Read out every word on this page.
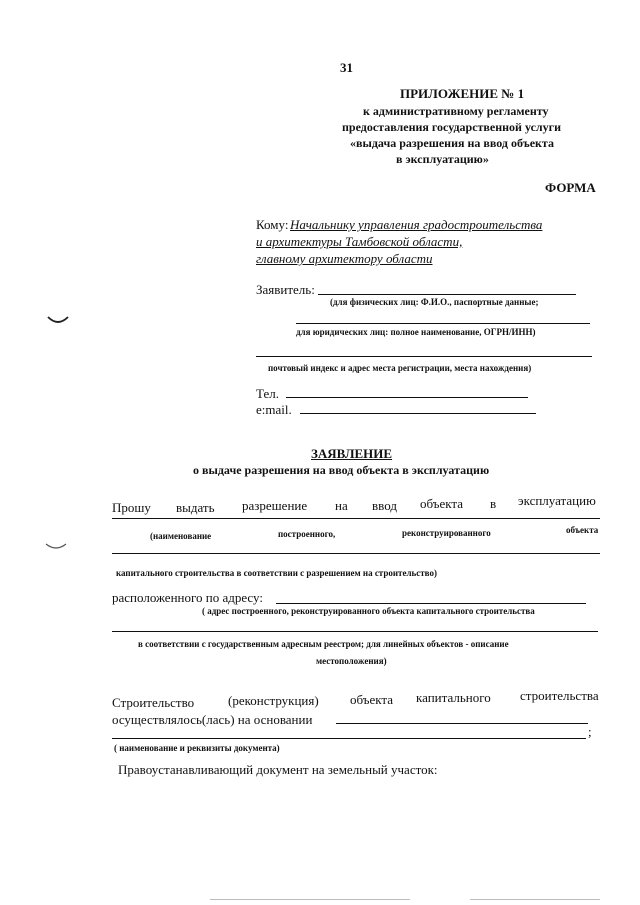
31
ПРИЛОЖЕНИЕ № 1
к административному регламенту
предоставления государственной услуги
«выдача разрешения на ввод объекта
в эксплуатацию»
ФОРМА
Кому: Начальнику управления градостроительства
и архитектуры Тамбовской области,
главному архитектору области
Заявитель:
(для физических лиц: Ф.И.О., паспортные данные;
для юридических лиц: полное наименование, ОГРН/ИНН)
почтовый индекс и адрес места регистрации, места нахождения)
Тел.
e:mail.
ЗАЯВЛЕНИЕ
о выдаче разрешения на ввод объекта в эксплуатацию
Прошу выдать разрешение на ввод объекта в эксплуатацию
(наименование	построенного,	реконструированного	объекта
капитального строительства в соответствии с разрешением на строительство)
расположенного по адресу:
( адрес построенного, реконструированного объекта капитального строительства
в соответствии с государственным адресным реестром; для линейных объектов - описание
местоположения)
Строительство	(реконструкция) объекта капитального строительства
осуществлялось(лась) на основании
;
( наименование и реквизиты документа)
Правоустанавливающий документ на земельный участок:
